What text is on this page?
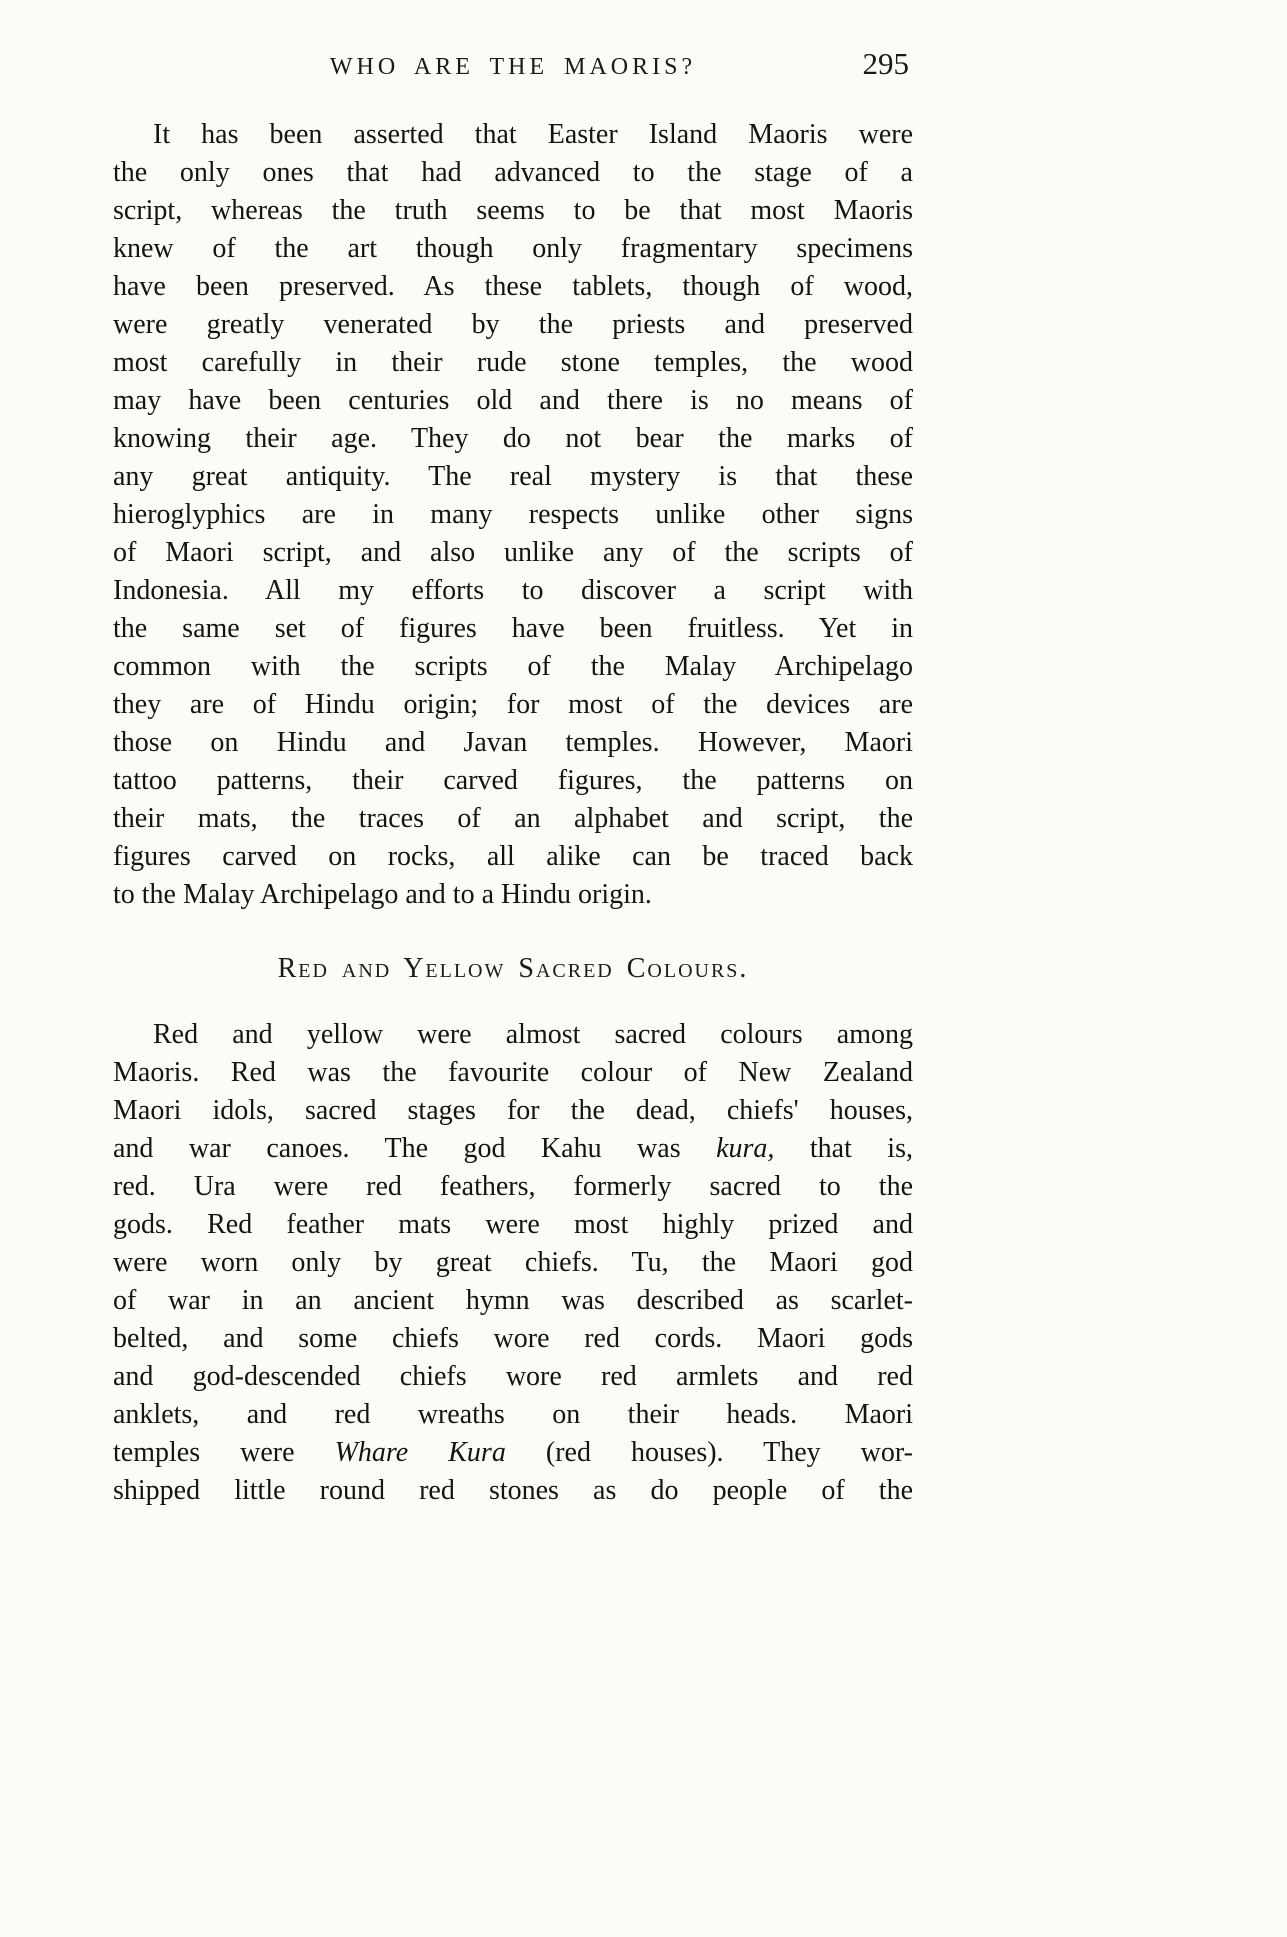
WHO ARE THE MAORIS?	295
It has been asserted that Easter Island Maoris were
the only ones that had advanced to the stage of a
script, whereas the truth seems to be that most Maoris
knew of the art though only fragmentary specimens
have been preserved. As these tablets, though of wood,
were greatly venerated by the priests and preserved
most carefully in their rude stone temples, the wood
may have been centuries old and there is no means of
knowing their age. They do not bear the marks of
any great antiquity. The real mystery is that these
hieroglyphics are in many respects unlike other signs
of Maori script, and also unlike any of the scripts of
Indonesia. All my efforts to discover a script with
the same set of figures have been fruitless. Yet in
common with the scripts of the Malay Archipelago
they are of Hindu origin; for most of the devices are
those on Hindu and Javan temples. However, Maori
tattoo patterns, their carved figures, the patterns on
their mats, the traces of an alphabet and script, the
figures carved on rocks, all alike can be traced back
to the Malay Archipelago and to a Hindu origin.
Red and Yellow Sacred Colours.
Red and yellow were almost sacred colours among
Maoris. Red was the favourite colour of New Zealand
Maori idols, sacred stages for the dead, chiefs' houses,
and war canoes. The god Kahu was kura, that is,
red. Ura were red feathers, formerly sacred to the
gods. Red feather mats were most highly prized and
were worn only by great chiefs. Tu, the Maori god
of war in an ancient hymn was described as scarlet-
belted, and some chiefs wore red cords. Maori gods
and god-descended chiefs wore red armlets and red
anklets, and red wreaths on their heads. Maori
temples were Whare Kura (red houses). They wor-
shipped little round red stones as do people of the
